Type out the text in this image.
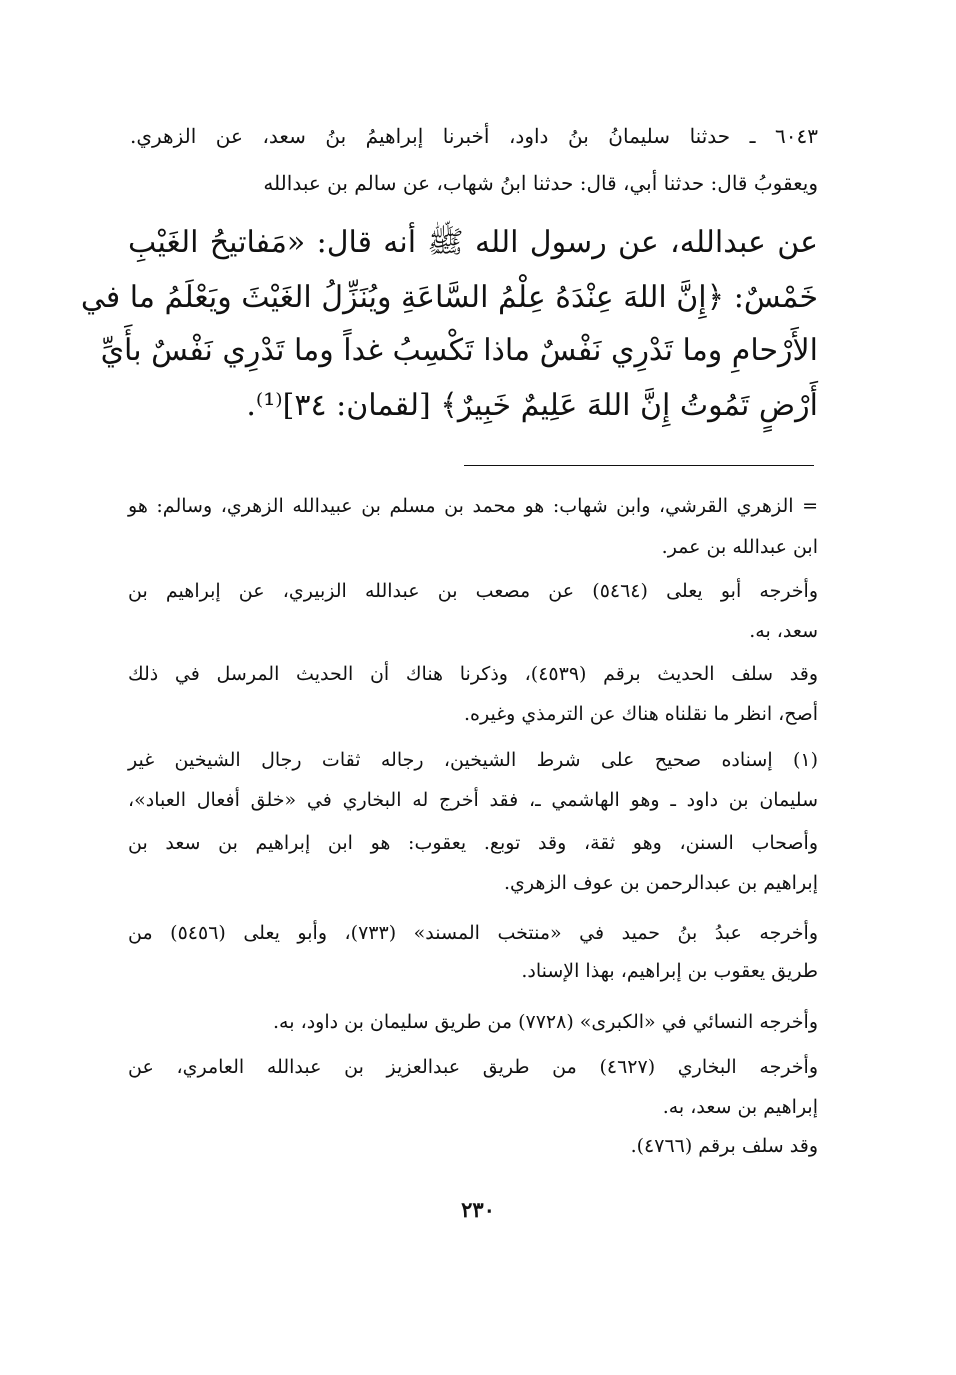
٦٠٤٣ ـ حدثنا سليمانُ بنُ داود، أخبرنا إبراهيمُ بنُ سعد، عن الزهري.
ويعقوبُ قال: حدثنا أبي، قال: حدثنا ابنُ شهاب، عن سالم بن عبدالله
عن عبدالله، عن رسول الله ﷺ أنه قال: «مَفاتيحُ الغَيْبِ
خَمْسٌ: ﴿إِنَّ اللهَ عِنْدَهُ عِلْمُ السَّاعَةِ ويُنَزِّلُ الغَيْثَ ويَعْلَمُ ما في
الأَرْحامِ وما تَدْرِي نَفْسٌ ماذا تَكْسِبُ غداً وما تَدْرِي نَفْسٌ بأَيِّ
أَرْضٍ تَمُوتُ إِنَّ اللهَ عَلِيمٌ خَبِيرٌ﴾ [لقمان: ٣٤]⁽¹⁾.
= الزهري القرشي، وابن شهاب: هو محمد بن مسلم بن عبيدالله الزهري، وسالم: هو
ابن عبدالله بن عمر.
وأخرجه أبو يعلى (٥٤٦٤) عن مصعب بن عبدالله الزبيري، عن إبراهيم بن
سعد، به.
وقد سلف الحديث برقم (٤٥٣٩)، وذكرنا هناك أن الحديث المرسل في ذلك
أصح، انظر ما نقلناه هناك عن الترمذي وغيره.
(١) إسناده صحيح على شرط الشيخين، رجاله ثقات رجال الشيخين غير
سليمان بن داود ـ وهو الهاشمي ـ، فقد أخرج له البخاري في «خلق أفعال العباد»،
وأصحاب السنن، وهو ثقة، وقد توبع. يعقوب: هو ابن إبراهيم بن سعد بن
إبراهيم بن عبدالرحمن بن عوف الزهري.
وأخرجه عبدُ بنُ حميد في «منتخب المسند» (٧٣٣)، وأبو يعلى (٥٤٥٦) من
طريق يعقوب بن إبراهيم، بهذا الإسناد.
وأخرجه النسائي في «الكبرى» (٧٧٢٨) من طريق سليمان بن داود، به.
وأخرجه البخاري (٤٦٢٧) من طريق عبدالعزيز بن عبدالله العامري، عن
إبراهيم بن سعد، به.
وقد سلف برقم (٤٧٦٦).
٢٣٠
